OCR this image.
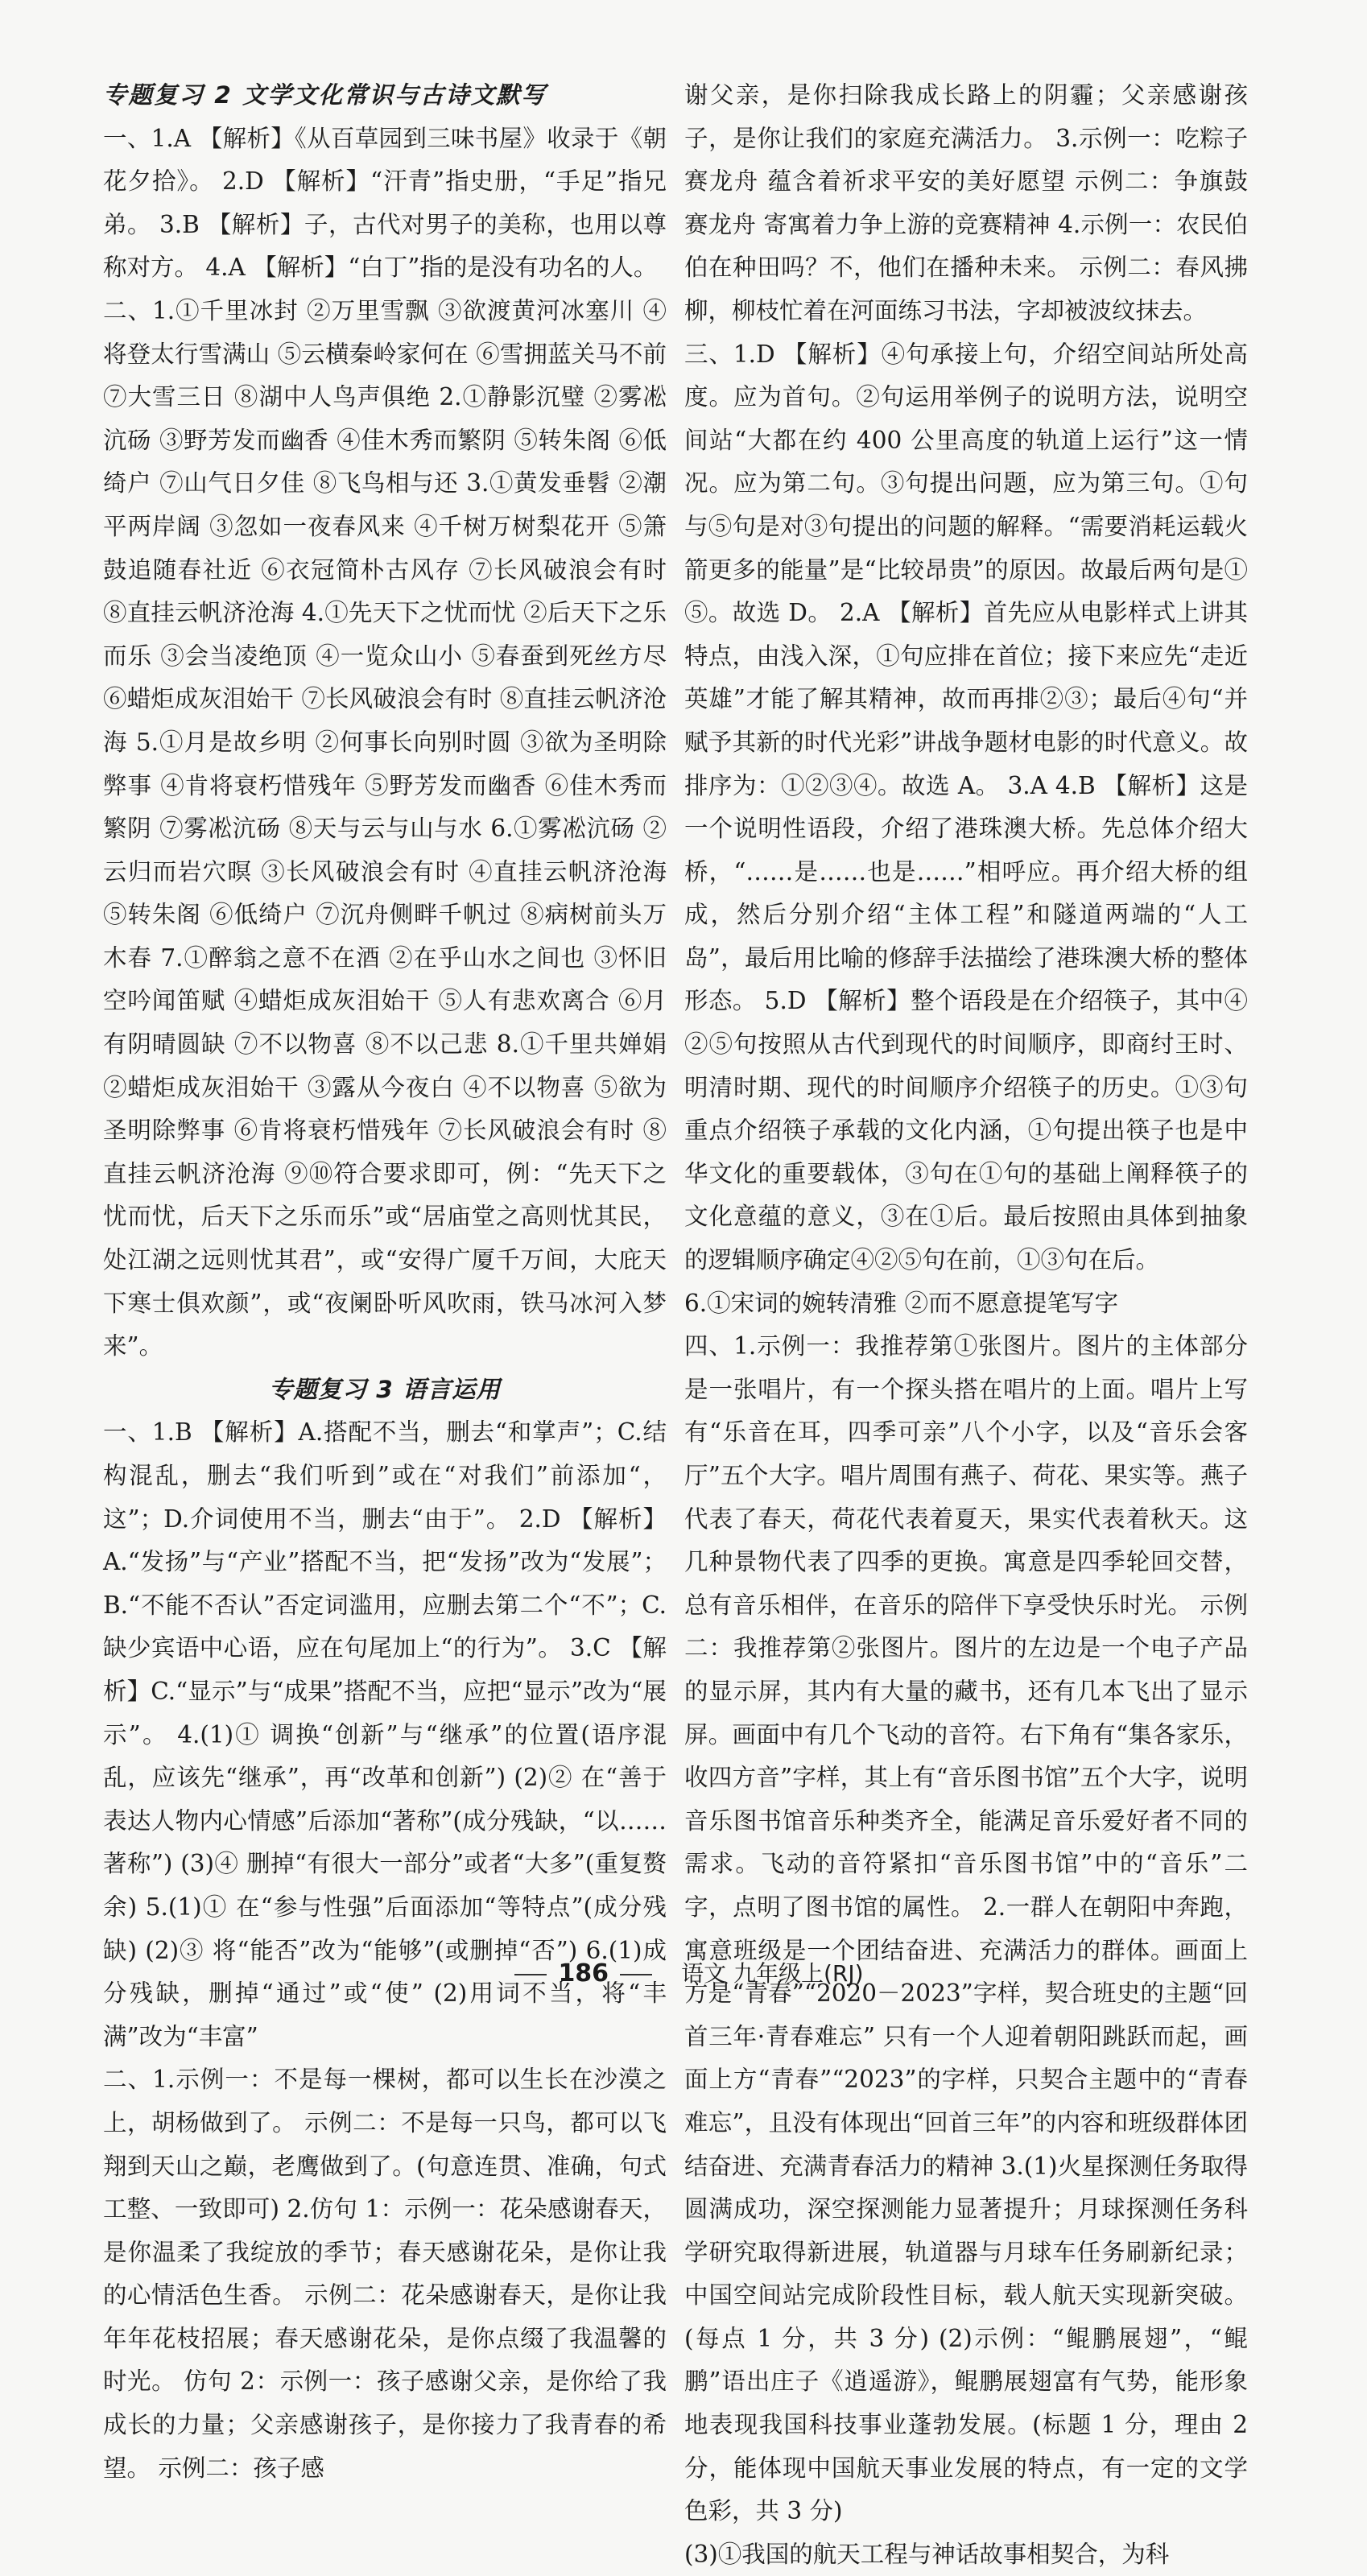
专题复习 2 文学文化常识与古诗文默写

一、1.A 【解析】《从百草园到三味书屋》收录于《朝花夕拾》。 2.D 【解析】“汗青”指史册，“手足”指兄弟。 3.B 【解析】子，古代对男子的美称，也用以尊称对方。 4.A 【解析】“白丁”指的是没有功名的人。

二、1.①千里冰封 ②万里雪飘 ③欲渡黄河冰塞川 ④将登太行雪满山 ⑤云横秦岭家何在 ⑥雪拥蓝关马不前 ⑦大雪三日 ⑧湖中人鸟声俱绝 2.①静影沉璧 ②雾凇沆砀 ③野芳发而幽香 ④佳木秀而繁阴 ⑤转朱阁 ⑥低绮户 ⑦山气日夕佳 ⑧飞鸟相与还 3.①黄发垂髫 ②潮平两岸阔 ③忽如一夜春风来 ④千树万树梨花开 ⑤箫鼓追随春社近 ⑥衣冠简朴古风存 ⑦长风破浪会有时 ⑧直挂云帆济沧海 4.①先天下之忧而忧 ②后天下之乐而乐 ③会当凌绝顶 ④一览众山小 ⑤春蚕到死丝方尽 ⑥蜡炬成灰泪始干 ⑦长风破浪会有时 ⑧直挂云帆济沧海 5.①月是故乡明 ②何事长向别时圆 ③欲为圣明除弊事 ④肯将衰朽惜残年 ⑤野芳发而幽香 ⑥佳木秀而繁阴 ⑦雾凇沆砀 ⑧天与云与山与水 6.①雾凇沆砀 ②云归而岩穴暝 ③长风破浪会有时 ④直挂云帆济沧海 ⑤转朱阁 ⑥低绮户 ⑦沉舟侧畔千帆过 ⑧病树前头万木春 7.①醉翁之意不在酒 ②在乎山水之间也 ③怀旧空吟闻笛赋 ④蜡炬成灰泪始干 ⑤人有悲欢离合 ⑥月有阴晴圆缺 ⑦不以物喜 ⑧不以己悲 8.①千里共婵娟 ②蜡炬成灰泪始干 ③露从今夜白 ④不以物喜 ⑤欲为圣明除弊事 ⑥肯将衰朽惜残年 ⑦长风破浪会有时 ⑧直挂云帆济沧海 ⑨⑩符合要求即可，例：“先天下之忧而忧，后天下之乐而乐”或“居庙堂之高则忧其民，处江湖之远则忧其君”，或“安得广厦千万间，大庇天下寒士俱欢颜”，或“夜阑卧听风吹雨，铁马冰河入梦来”。

专题复习 3 语言运用

一、1.B 【解析】A.搭配不当，删去“和掌声”；C.结构混乱，删去“我们听到”或在“对我们”前添加“，这”；D.介词使用不当，删去“由于”。 2.D 【解析】A.“发扬”与“产业”搭配不当，把“发扬”改为“发展”；B.“不能不否认”否定词滥用，应删去第二个“不”；C.缺少宾语中心语，应在句尾加上“的行为”。 3.C 【解析】C.“显示”与“成果”搭配不当，应把“显示”改为“展示”。 4.(1)① 调换“创新”与“继承”的位置(语序混乱，应该先“继承”，再“改革和创新”) (2)② 在“善于表达人物内心情感”后添加“著称”(成分残缺，“以……著称”) (3)④ 删掉“有很大一部分”或者“大多”(重复赘余) 5.(1)① 在“参与性强”后面添加“等特点”(成分残缺) (2)③ 将“能否”改为“能够”(或删掉“否”) 6.(1)成分残缺，删掉“通过”或“使” (2)用词不当，将“丰满”改为“丰富”

二、1.示例一：不是每一棵树，都可以生长在沙漠之上，胡杨做到了。 示例二：不是每一只鸟，都可以飞翔到天山之巅，老鹰做到了。(句意连贯、准确，句式工整、一致即可) 2.仿句 1：示例一：花朵感谢春天，是你温柔了我绽放的季节；春天感谢花朵，是你让我的心情活色生香。 示例二：花朵感谢春天，是你让我年年花枝招展；春天感谢花朵，是你点缀了我温馨的时光。 仿句 2：示例一：孩子感谢父亲，是你给了我成长的力量；父亲感谢孩子，是你接力了我青春的希望。 示例二：孩子感

谢父亲，是你扫除我成长路上的阴霾；父亲感谢孩子，是你让我们的家庭充满活力。 3.示例一：吃粽子 赛龙舟 蕴含着祈求平安的美好愿望 示例二：争旗鼓 赛龙舟 寄寓着力争上游的竞赛精神 4.示例一：农民伯伯在种田吗？不，他们在播种未来。 示例二：春风拂柳，柳枝忙着在河面练习书法，字却被波纹抹去。

三、1.D 【解析】④句承接上句，介绍空间站所处高度。应为首句。②句运用举例子的说明方法，说明空间站“大都在约 400 公里高度的轨道上运行”这一情况。应为第二句。③句提出问题，应为第三句。①句与⑤句是对③句提出的问题的解释。“需要消耗运载火箭更多的能量”是“比较昂贵”的原因。故最后两句是①⑤。故选 D。 2.A 【解析】首先应从电影样式上讲其特点，由浅入深，①句应排在首位；接下来应先“走近英雄”才能了解其精神，故而再排②③；最后④句“并赋予其新的时代光彩”讲战争题材电影的时代意义。故排序为：①②③④。故选 A。 3.A 4.B 【解析】这是一个说明性语段，介绍了港珠澳大桥。先总体介绍大桥，“……是……也是……”相呼应。再介绍大桥的组成，然后分别介绍“主体工程”和隧道两端的“人工岛”，最后用比喻的修辞手法描绘了港珠澳大桥的整体形态。 5.D 【解析】整个语段是在介绍筷子，其中④②⑤句按照从古代到现代的时间顺序，即商纣王时、明清时期、现代的时间顺序介绍筷子的历史。①③句重点介绍筷子承载的文化内涵，①句提出筷子也是中华文化的重要载体，③句在①句的基础上阐释筷子的文化意蕴的意义，③在①后。最后按照由具体到抽象的逻辑顺序确定④②⑤句在前，①③句在后。

6.①宋词的婉转清雅 ②而不愿意提笔写字

四、1.示例一：我推荐第①张图片。图片的主体部分是一张唱片，有一个探头搭在唱片的上面。唱片上写有“乐音在耳，四季可亲”八个小字，以及“音乐会客厅”五个大字。唱片周围有燕子、荷花、果实等。燕子代表了春天，荷花代表着夏天，果实代表着秋天。这几种景物代表了四季的更换。寓意是四季轮回交替，总有音乐相伴，在音乐的陪伴下享受快乐时光。 示例二：我推荐第②张图片。图片的左边是一个电子产品的显示屏，其内有大量的藏书，还有几本飞出了显示屏。画面中有几个飞动的音符。右下角有“集各家乐，收四方音”字样，其上有“音乐图书馆”五个大字，说明音乐图书馆音乐种类齐全，能满足音乐爱好者不同的需求。飞动的音符紧扣“音乐图书馆”中的“音乐”二字，点明了图书馆的属性。 2.一群人在朝阳中奔跑，寓意班级是一个团结奋进、充满活力的群体。画面上方是“青春”“2020－2023”字样，契合班史的主题“回首三年·青春难忘” 只有一个人迎着朝阳跳跃而起，画面上方“青春”“2023”的字样，只契合主题中的“青春难忘”，且没有体现出“回首三年”的内容和班级群体团结奋进、充满青春活力的精神 3.(1)火星探测任务取得圆满成功，深空探测能力显著提升；月球探测任务科学研究取得新进展，轨道器与月球车任务刷新纪录；中国空间站完成阶段性目标，载人航天实现新突破。(每点 1 分，共 3 分) (2)示例：“鲲鹏展翅”，“鲲鹏”语出庄子《逍遥游》，鲲鹏展翅富有气势，能形象地表现我国科技事业蓬勃发展。(标题 1 分，理由 2 分，能体现中国航天事业发展的特点，有一定的文学色彩，共 3 分)

(3)①我国的航天工程与神话故事相契合，为科

186	语文 九年级上(RJ)
